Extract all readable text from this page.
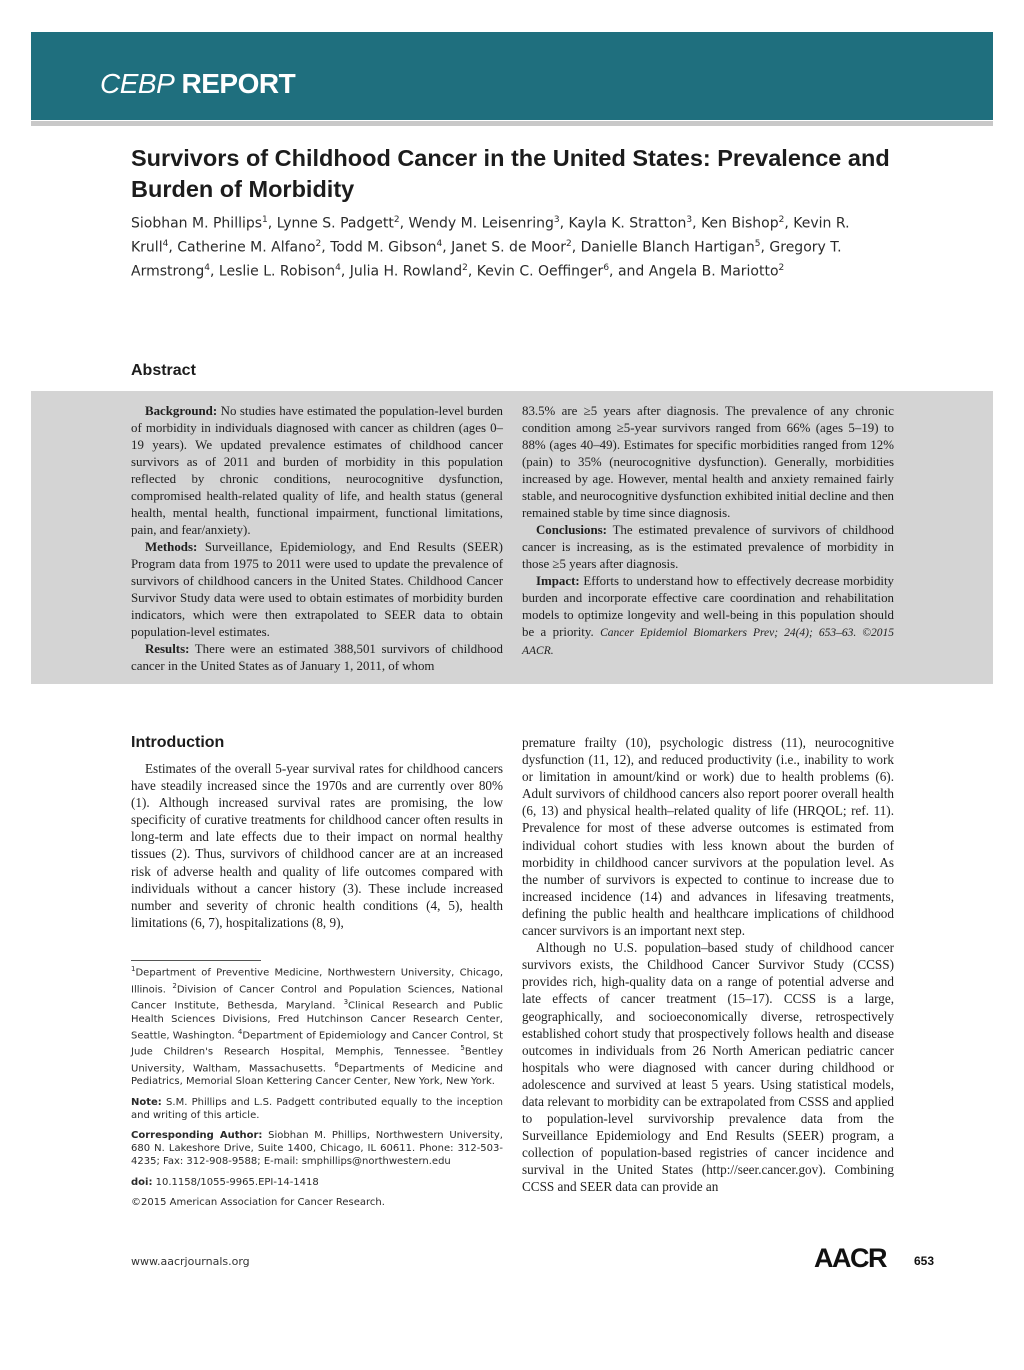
CEBP REPORT
Survivors of Childhood Cancer in the United States: Prevalence and Burden of Morbidity
Siobhan M. Phillips$^1$, Lynne S. Padgett$^2$, Wendy M. Leisenring$^3$, Kayla K. Stratton$^3$, Ken Bishop$^2$, Kevin R. Krull$^4$, Catherine M. Alfano$^2$, Todd M. Gibson$^4$, Janet S. de Moor$^2$, Danielle Blanch Hartigan$^5$, Gregory T. Armstrong$^4$, Leslie L. Robison$^4$, Julia H. Rowland$^2$, Kevin C. Oeffinger$^6$, and Angela B. Mariotto$^2$
Abstract

Background: No studies have estimated the population-level burden of morbidity in individuals diagnosed with cancer as children (ages 0–19 years). We updated prevalence estimates of childhood cancer survivors as of 2011 and burden of morbidity in this population reflected by chronic conditions, neurocognitive dysfunction, compromised health-related quality of life, and health status (general health, mental health, functional impairment, functional limitations, pain, and fear/anxiety).

Methods: Surveillance, Epidemiology, and End Results (SEER) Program data from 1975 to 2011 were used to update the prevalence of survivors of childhood cancers in the United States. Childhood Cancer Survivor Study data were used to obtain estimates of morbidity burden indicators, which were then extrapolated to SEER data to obtain population-level estimates.

Results: There were an estimated 388,501 survivors of childhood cancer in the United States as of January 1, 2011, of whom

83.5% are ≥5 years after diagnosis. The prevalence of any chronic condition among ≥5-year survivors ranged from 66% (ages 5–19) to 88% (ages 40–49). Estimates for specific morbidities ranged from 12% (pain) to 35% (neurocognitive dysfunction). Generally, morbidities increased by age. However, mental health and anxiety remained fairly stable, and neurocognitive dysfunction exhibited initial decline and then remained stable by time since diagnosis.

Conclusions: The estimated prevalence of survivors of childhood cancer is increasing, as is the estimated prevalence of morbidity in those ≥5 years after diagnosis.

Impact: Efforts to understand how to effectively decrease morbidity burden and incorporate effective care coordination and rehabilitation models to optimize longevity and well-being in this population should be a priority. Cancer Epidemiol Biomarkers Prev; 24(4); 653–63. ©2015 AACR.

Introduction

Estimates of the overall 5-year survival rates for childhood cancers have steadily increased since the 1970s and are currently over 80% (1). Although increased survival rates are promising, the low specificity of curative treatments for childhood cancer often results in long-term and late effects due to their impact on normal healthy tissues (2). Thus, survivors of childhood cancer are at an increased risk of adverse health and quality of life outcomes compared with individuals without a cancer history (3). These include increased number and severity of chronic health conditions (4, 5), health limitations (6, 7), hospitalizations (8, 9),

premature frailty (10), psychologic distress (11), neurocognitive dysfunction (11, 12), and reduced productivity (i.e., inability to work or limitation in amount/kind or work) due to health problems (6). Adult survivors of childhood cancers also report poorer overall health (6, 13) and physical health–related quality of life (HRQOL; ref. 11). Prevalence for most of these adverse outcomes is estimated from individual cohort studies with less known about the burden of morbidity in childhood cancer survivors at the population level. As the number of survivors is expected to continue to increase due to increased incidence (14) and advances in lifesaving treatments, defining the public health and healthcare implications of childhood cancer survivors is an important next step.

Although no U.S. population–based study of childhood cancer survivors exists, the Childhood Cancer Survivor Study (CCSS) provides rich, high-quality data on a range of potential adverse and late effects of cancer treatment (15–17). CCSS is a large, geographically, and socioeconomically diverse, retrospectively established cohort study that prospectively follows health and disease outcomes in individuals from 26 North American pediatric cancer hospitals who were diagnosed with cancer during childhood or adolescence and survived at least 5 years. Using statistical models, data relevant to morbidity can be extrapolated from CSSS and applied to population-level survivorship prevalence data from the Surveillance Epidemiology and End Results (SEER) program, a collection of population-based registries of cancer incidence and survival in the United States (http://seer.cancer.gov). Combining CCSS and SEER data can provide an

$^1$Department of Preventive Medicine, Northwestern University, Chicago, Illinois. $^2$Division of Cancer Control and Population Sciences, National Cancer Institute, Bethesda, Maryland. $^3$Clinical Research and Public Health Sciences Divisions, Fred Hutchinson Cancer Research Center, Seattle, Washington. $^4$Department of Epidemiology and Cancer Control, St Jude Children's Research Hospital, Memphis, Tennessee. $^5$Bentley University, Waltham, Massachusetts. $^6$Departments of Medicine and Pediatrics, Memorial Sloan Kettering Cancer Center, New York, New York.

Note: S.M. Phillips and L.S. Padgett contributed equally to the inception and writing of this article.

Corresponding Author: Siobhan M. Phillips, Northwestern University, 680 N. Lakeshore Drive, Suite 1400, Chicago, IL 60611. Phone: 312-503-4235; Fax: 312-908-9588; E-mail: smphillips@northwestern.edu

doi: 10.1158/1055-9965.EPI-14-1418

©2015 American Association for Cancer Research.

www.aacrjournals.org	AACR 653
